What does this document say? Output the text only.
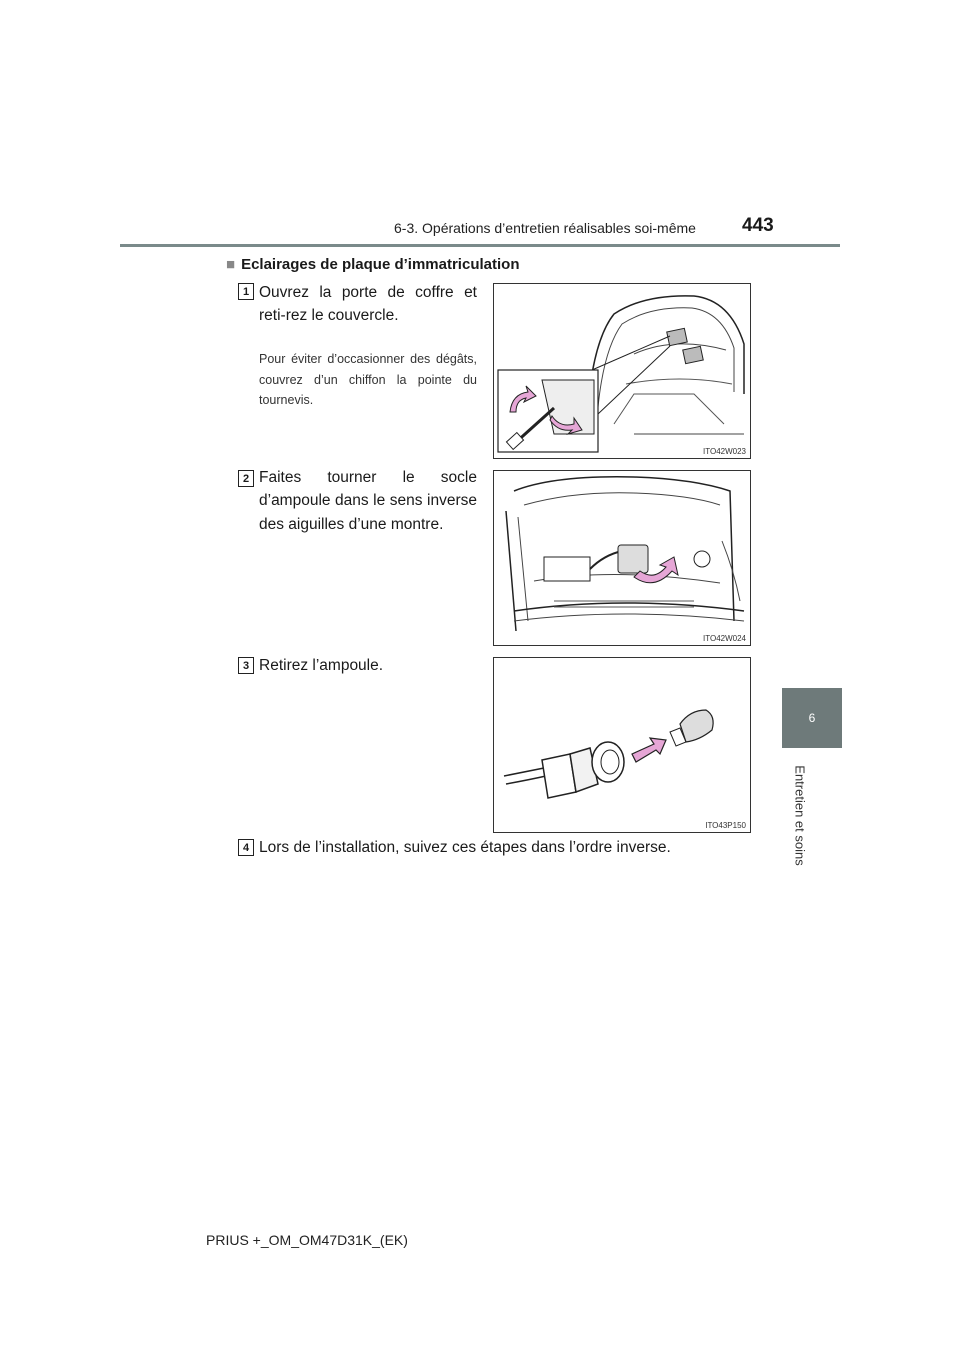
6-3. Opérations d’entretien réalisables soi-même 443
6
Entretien et soins
■ Eclairages de plaque d’immatriculation
1 Ouvrez la porte de coffre et reti-rez le couvercle.
Pour éviter d’occasionner des dégâts, couvrez d’un chiffon la pointe du tournevis.
ITO42W023
2 Faites tourner le socle d’ampoule dans le sens inverse des aiguilles d’une montre.
ITO42W024
3 Retirez l’ampoule.
ITO43P150
4 Lors de l’installation, suivez ces étapes dans l’ordre inverse.
PRIUS +_OM_OM47D31K_(EK)
